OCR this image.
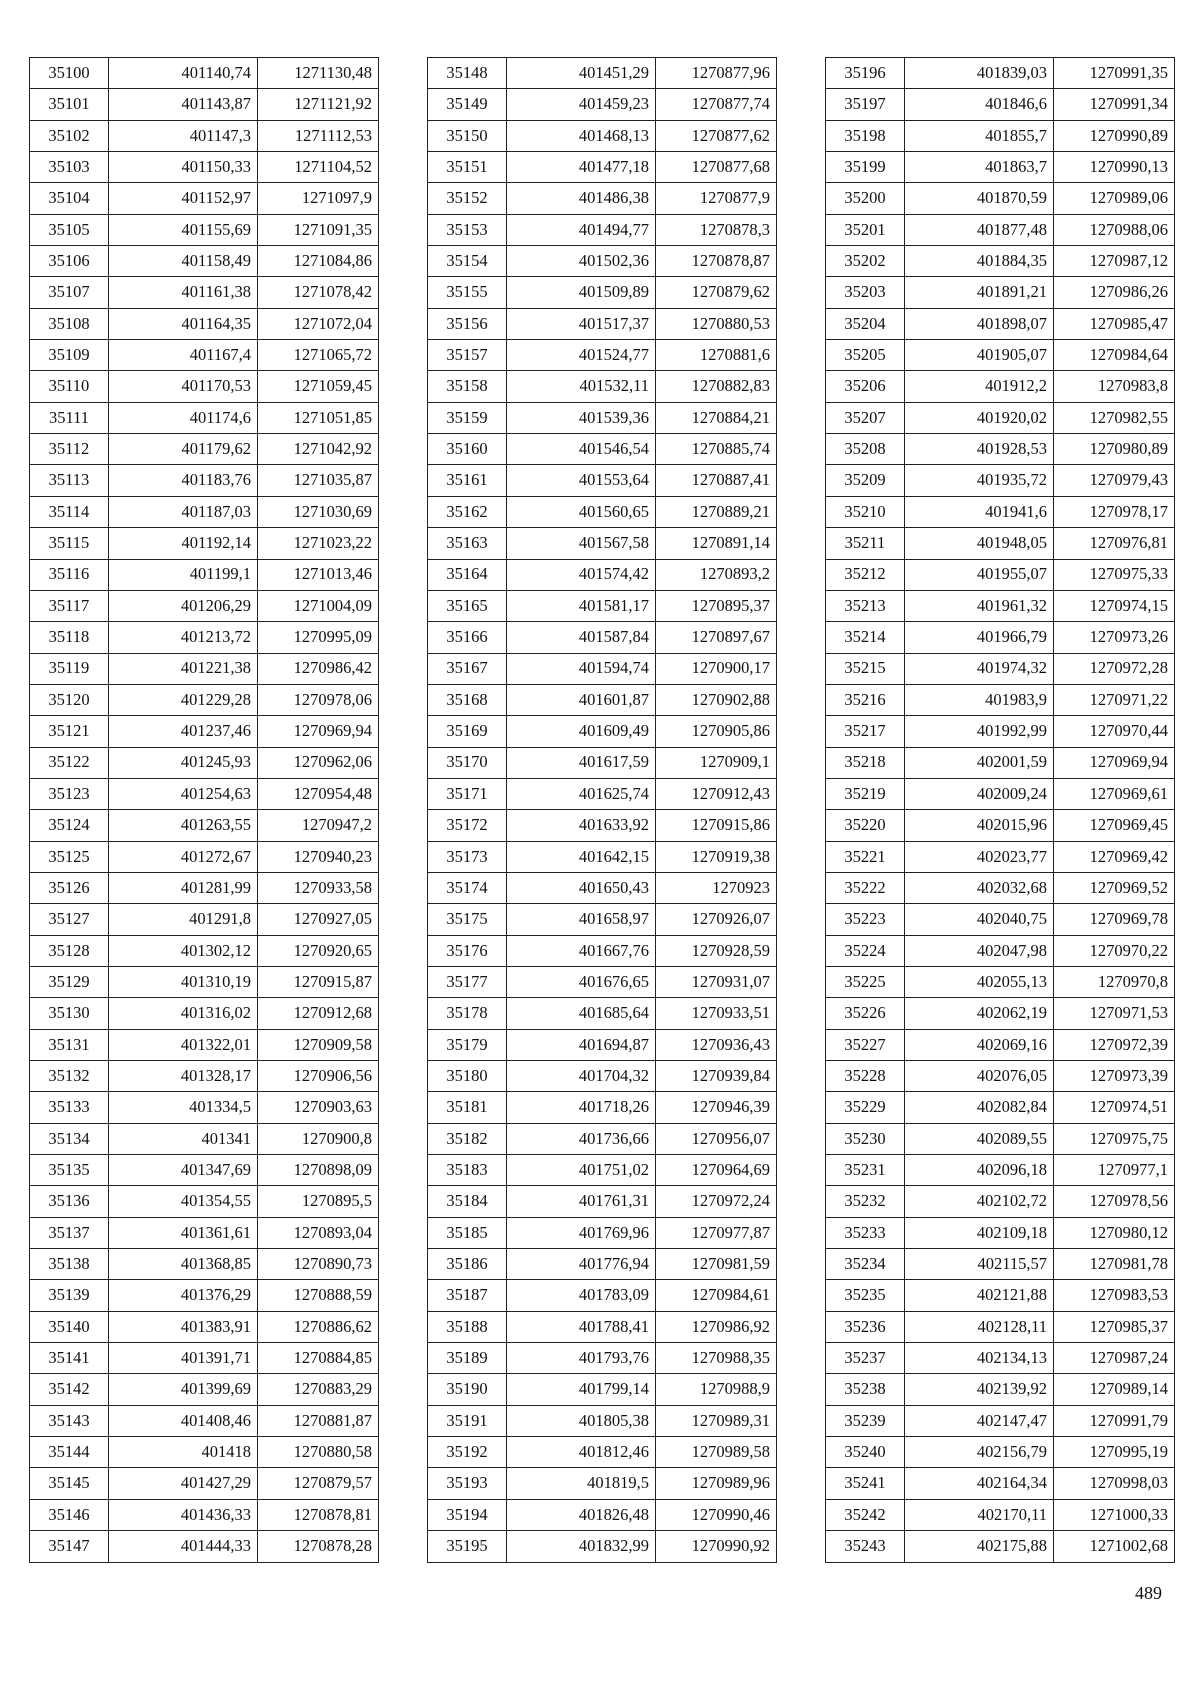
35100	401140,74	1271130,48
35101	401143,87	1271121,92
35102	401147,3	1271112,53
35103	401150,33	1271104,52
35104	401152,97	1271097,9
35105	401155,69	1271091,35
35106	401158,49	1271084,86
35107	401161,38	1271078,42
35108	401164,35	1271072,04
35109	401167,4	1271065,72
35110	401170,53	1271059,45
35111	401174,6	1271051,85
35112	401179,62	1271042,92
35113	401183,76	1271035,87
35114	401187,03	1271030,69
35115	401192,14	1271023,22
35116	401199,1	1271013,46
35117	401206,29	1271004,09
35118	401213,72	1270995,09
35119	401221,38	1270986,42
35120	401229,28	1270978,06
35121	401237,46	1270969,94
35122	401245,93	1270962,06
35123	401254,63	1270954,48
35124	401263,55	1270947,2
35125	401272,67	1270940,23
35126	401281,99	1270933,58
35127	401291,8	1270927,05
35128	401302,12	1270920,65
35129	401310,19	1270915,87
35130	401316,02	1270912,68
35131	401322,01	1270909,58
35132	401328,17	1270906,56
35133	401334,5	1270903,63
35134	401341	1270900,8
35135	401347,69	1270898,09
35136	401354,55	1270895,5
35137	401361,61	1270893,04
35138	401368,85	1270890,73
35139	401376,29	1270888,59
35140	401383,91	1270886,62
35141	401391,71	1270884,85
35142	401399,69	1270883,29
35143	401408,46	1270881,87
35144	401418	1270880,58
35145	401427,29	1270879,57
35146	401436,33	1270878,81
35147	401444,33	1270878,28
35148	401451,29	1270877,96
35149	401459,23	1270877,74
35150	401468,13	1270877,62
35151	401477,18	1270877,68
35152	401486,38	1270877,9
35153	401494,77	1270878,3
35154	401502,36	1270878,87
35155	401509,89	1270879,62
35156	401517,37	1270880,53
35157	401524,77	1270881,6
35158	401532,11	1270882,83
35159	401539,36	1270884,21
35160	401546,54	1270885,74
35161	401553,64	1270887,41
35162	401560,65	1270889,21
35163	401567,58	1270891,14
35164	401574,42	1270893,2
35165	401581,17	1270895,37
35166	401587,84	1270897,67
35167	401594,74	1270900,17
35168	401601,87	1270902,88
35169	401609,49	1270905,86
35170	401617,59	1270909,1
35171	401625,74	1270912,43
35172	401633,92	1270915,86
35173	401642,15	1270919,38
35174	401650,43	1270923
35175	401658,97	1270926,07
35176	401667,76	1270928,59
35177	401676,65	1270931,07
35178	401685,64	1270933,51
35179	401694,87	1270936,43
35180	401704,32	1270939,84
35181	401718,26	1270946,39
35182	401736,66	1270956,07
35183	401751,02	1270964,69
35184	401761,31	1270972,24
35185	401769,96	1270977,87
35186	401776,94	1270981,59
35187	401783,09	1270984,61
35188	401788,41	1270986,92
35189	401793,76	1270988,35
35190	401799,14	1270988,9
35191	401805,38	1270989,31
35192	401812,46	1270989,58
35193	401819,5	1270989,96
35194	401826,48	1270990,46
35195	401832,99	1270990,92
35196	401839,03	1270991,35
35197	401846,6	1270991,34
35198	401855,7	1270990,89
35199	401863,7	1270990,13
35200	401870,59	1270989,06
35201	401877,48	1270988,06
35202	401884,35	1270987,12
35203	401891,21	1270986,26
35204	401898,07	1270985,47
35205	401905,07	1270984,64
35206	401912,2	1270983,8
35207	401920,02	1270982,55
35208	401928,53	1270980,89
35209	401935,72	1270979,43
35210	401941,6	1270978,17
35211	401948,05	1270976,81
35212	401955,07	1270975,33
35213	401961,32	1270974,15
35214	401966,79	1270973,26
35215	401974,32	1270972,28
35216	401983,9	1270971,22
35217	401992,99	1270970,44
35218	402001,59	1270969,94
35219	402009,24	1270969,61
35220	402015,96	1270969,45
35221	402023,77	1270969,42
35222	402032,68	1270969,52
35223	402040,75	1270969,78
35224	402047,98	1270970,22
35225	402055,13	1270970,8
35226	402062,19	1270971,53
35227	402069,16	1270972,39
35228	402076,05	1270973,39
35229	402082,84	1270974,51
35230	402089,55	1270975,75
35231	402096,18	1270977,1
35232	402102,72	1270978,56
35233	402109,18	1270980,12
35234	402115,57	1270981,78
35235	402121,88	1270983,53
35236	402128,11	1270985,37
35237	402134,13	1270987,24
35238	402139,92	1270989,14
35239	402147,47	1270991,79
35240	402156,79	1270995,19
35241	402164,34	1270998,03
35242	402170,11	1271000,33
35243	402175,88	1271002,68
489
